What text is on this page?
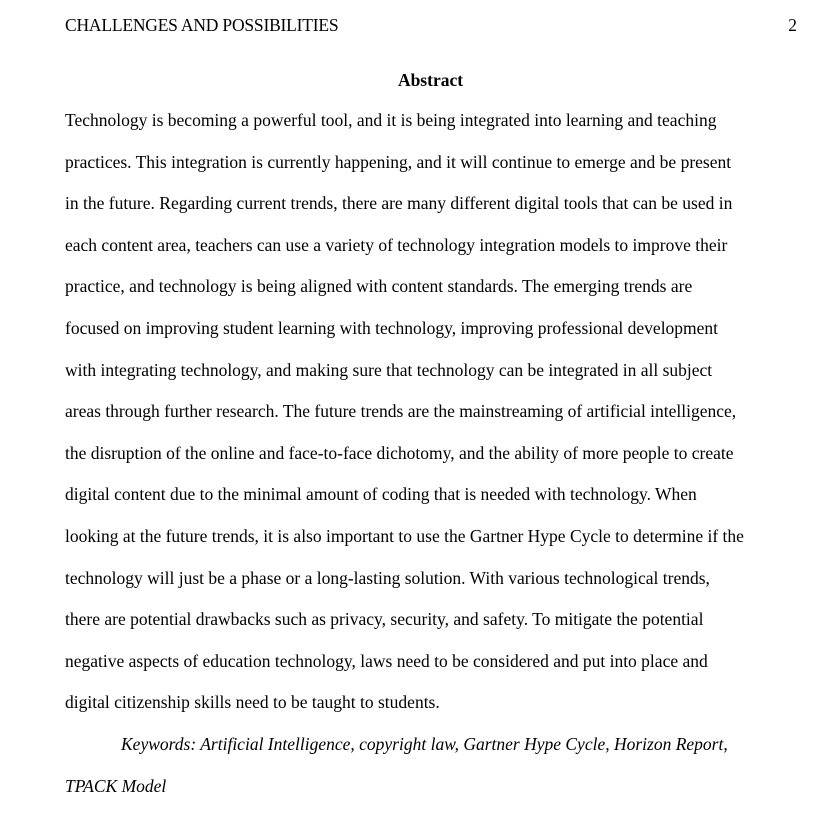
CHALLENGES AND POSSIBILITIES	2
Abstract
Technology is becoming a powerful tool, and it is being integrated into learning and teaching
practices. This integration is currently happening, and it will continue to emerge and be present
in the future. Regarding current trends, there are many different digital tools that can be used in
each content area, teachers can use a variety of technology integration models to improve their
practice, and technology is being aligned with content standards. The emerging trends are
focused on improving student learning with technology, improving professional development
with integrating technology, and making sure that technology can be integrated in all subject
areas through further research. The future trends are the mainstreaming of artificial intelligence,
the disruption of the online and face-to-face dichotomy, and the ability of more people to create
digital content due to the minimal amount of coding that is needed with technology. When
looking at the future trends, it is also important to use the Gartner Hype Cycle to determine if the
technology will just be a phase or a long-lasting solution. With various technological trends,
there are potential drawbacks such as privacy, security, and safety. To mitigate the potential
negative aspects of education technology, laws need to be considered and put into place and
digital citizenship skills need to be taught to students.
Keywords: Artificial Intelligence, copyright law, Gartner Hype Cycle, Horizon Report,
TPACK Model
